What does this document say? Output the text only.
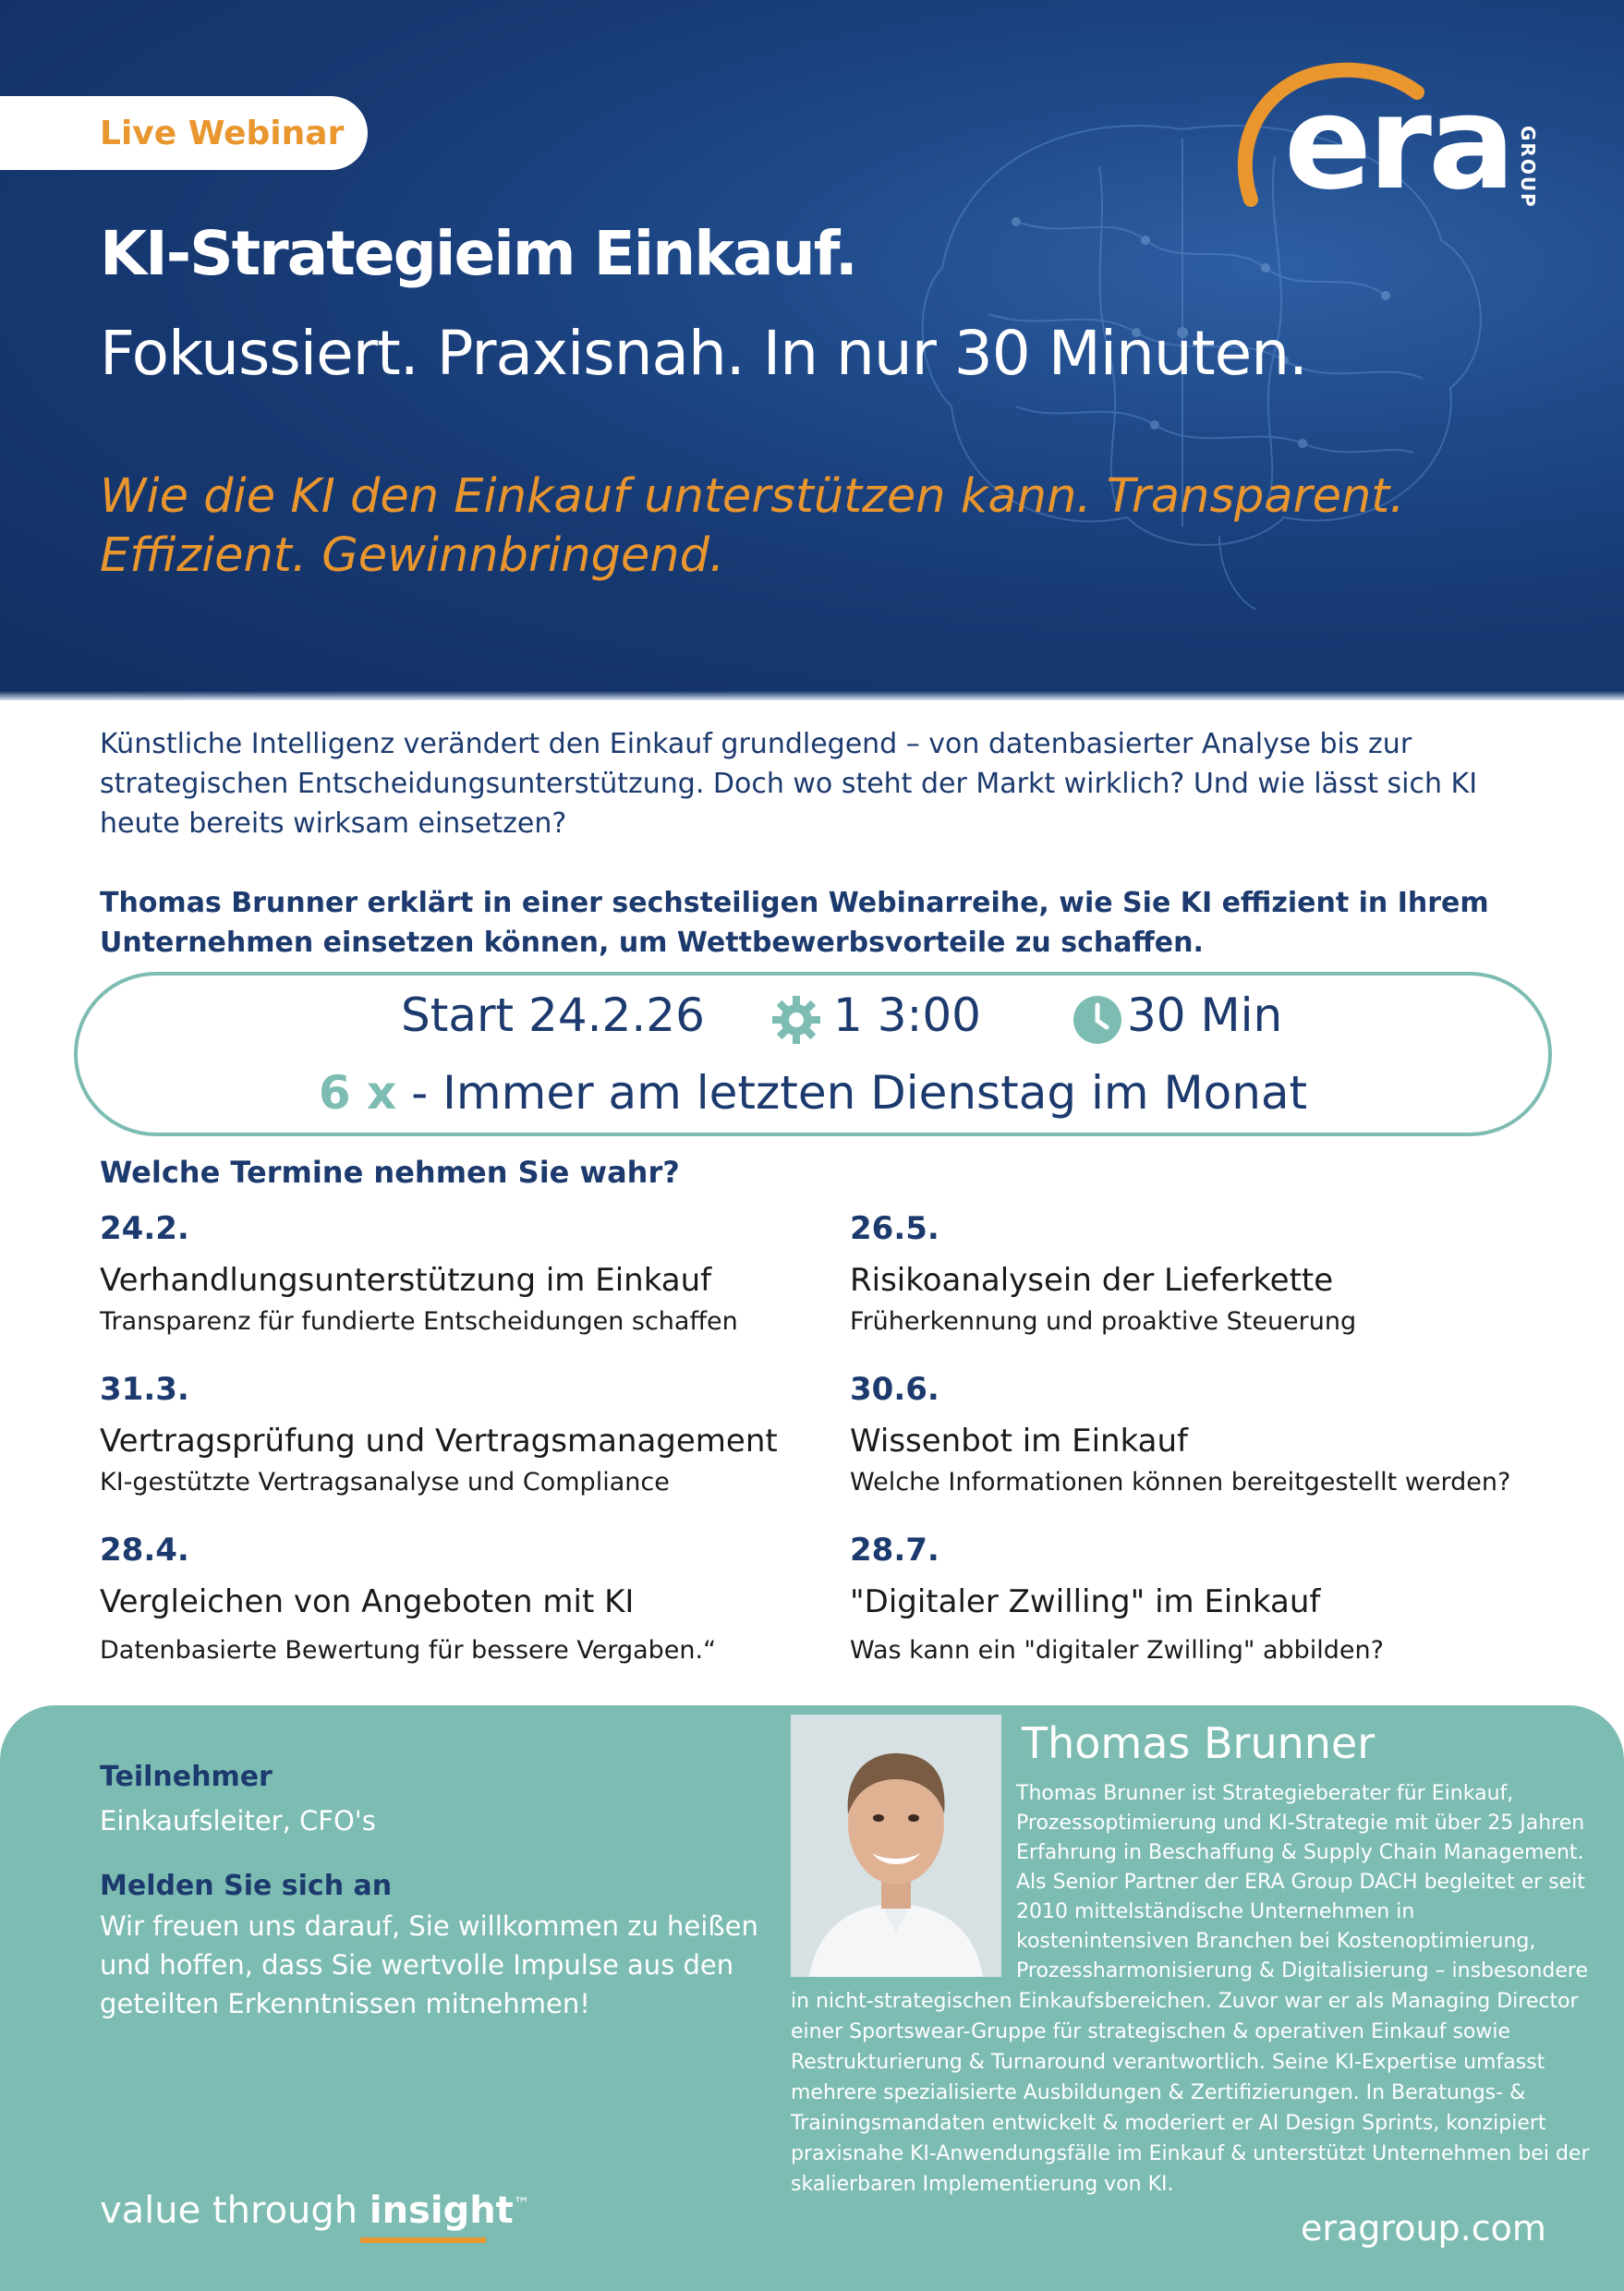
Live Webinar	era GROUP
KI-Strategieim Einkauf.
Fokussiert. Praxisnah. In nur 30 Minuten.
Wie die KI den Einkauf unterstützen kann. Transparent. Effizient. Gewinnbringend.
Künstliche Intelligenz verändert den Einkauf grundlegend – von datenbasierter Analyse bis zur strategischen Entscheidungsunterstützung. Doch wo steht der Markt wirklich? Und wie lässt sich KI heute bereits wirksam einsetzen?
Thomas Brunner erklärt in einer sechsteiligen Webinarreihe, wie Sie KI effizient in Ihrem Unternehmen einsetzen können, um Wettbewerbsvorteile zu schaffen.
Start 24.2.26	1 3:00	30 Min
6 x - Immer am letzten Dienstag im Monat
Welche Termine nehmen Sie wahr?
24.2.
Verhandlungsunterstützung im Einkauf
Transparenz für fundierte Entscheidungen schaffen
26.5.
Risikoanalysein der Lieferkette
Früherkennung und proaktive Steuerung
31.3.
Vertragsprüfung und Vertragsmanagement
KI-gestützte Vertragsanalyse und Compliance
30.6.
Wissenbot im Einkauf
Welche Informationen können bereitgestellt werden?
28.4.
Vergleichen von Angeboten mit KI
Datenbasierte Bewertung für bessere Vergaben.“
28.7.
"Digitaler Zwilling" im Einkauf
Was kann ein "digitaler Zwilling" abbilden?
Teilnehmer
Einkaufsleiter, CFO's
Melden Sie sich an
Wir freuen uns darauf, Sie willkommen zu heißen und hoffen, dass Sie wertvolle Impulse aus den geteilten Erkenntnissen mitnehmen!
Thomas Brunner
Thomas Brunner ist Strategieberater für Einkauf, Prozessoptimierung und KI-Strategie mit über 25 Jahren Erfahrung in Beschaffung & Supply Chain Management. Als Senior Partner der ERA Group DACH begleitet er seit 2010 mittelständische Unternehmen in kostenintensiven Branchen bei Kostenoptimierung, Prozessharmonisierung & Digitalisierung – insbesondere
in nicht-strategischen Einkaufsbereichen. Zuvor war er als Managing Director einer Sportswear-Gruppe für strategischen & operativen Einkauf sowie Restrukturierung & Turnaround verantwortlich. Seine KI-Expertise umfasst mehrere spezialisierte Ausbildungen & Zertifizierungen. In Beratungs- & Trainingsmandaten entwickelt & moderiert er AI Design Sprints, konzipiert praxisnahe KI-Anwendungsfälle im Einkauf & unterstützt Unternehmen bei der skalierbaren Implementierung von KI.
value through insight™
eragroup.com
